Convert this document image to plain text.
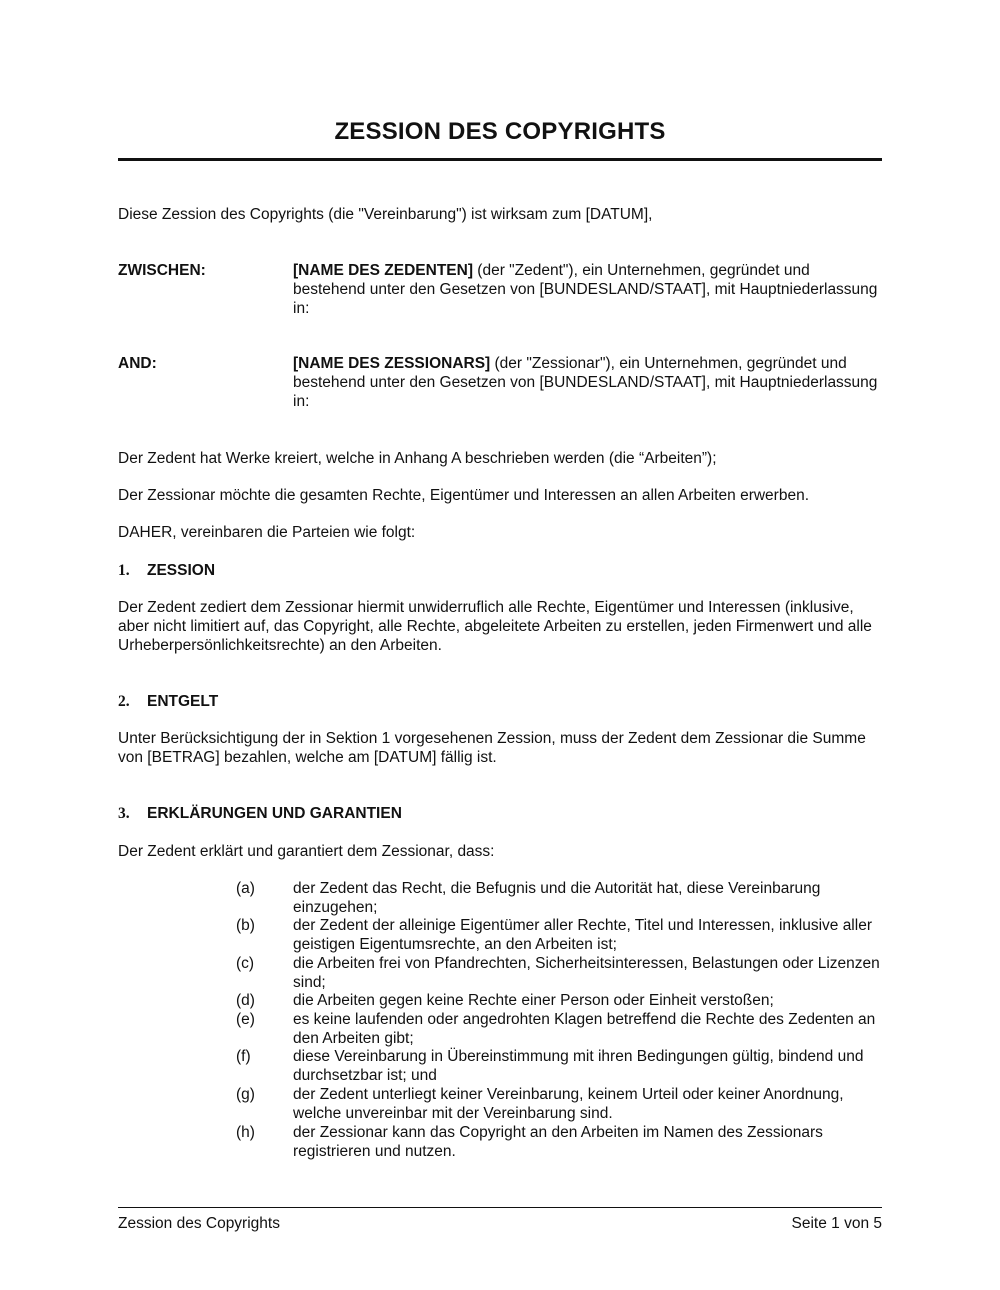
ZESSION DES COPYRIGHTS
Diese Zession des Copyrights (die "Vereinbarung") ist wirksam zum [DATUM],
ZWISCHEN:	[NAME DES ZEDENTEN] (der "Zedent"), ein Unternehmen, gegründet und bestehend unter den Gesetzen von [BUNDESLAND/STAAT], mit Hauptniederlassung in:
AND:	[NAME DES ZESSIONARS] (der "Zessionar"), ein Unternehmen, gegründet und bestehend unter den Gesetzen von [BUNDESLAND/STAAT], mit Hauptniederlassung in:
Der Zedent hat Werke kreiert, welche in Anhang A beschrieben werden (die “Arbeiten”);
Der Zessionar möchte die gesamten Rechte, Eigentümer und Interessen an allen Arbeiten erwerben.
DAHER, vereinbaren die Parteien wie folgt:
1. ZESSION
Der Zedent zediert dem Zessionar hiermit unwiderruflich alle Rechte, Eigentümer und Interessen (inklusive, aber nicht limitiert auf, das Copyright, alle Rechte, abgeleitete Arbeiten zu erstellen, jeden Firmenwert und alle Urheberpersönlichkeitsrechte) an den Arbeiten.
2. ENTGELT
Unter Berücksichtigung der in Sektion 1 vorgesehenen Zession, muss der Zedent dem Zessionar die Summe von [BETRAG] bezahlen, welche am [DATUM] fällig ist.
3. ERKLÄRUNGEN UND GARANTIEN
Der Zedent erklärt und garantiert dem Zessionar, dass:
(a)	der Zedent das Recht, die Befugnis und die Autorität hat, diese Vereinbarung einzugehen;
(b)	der Zedent der alleinige Eigentümer aller Rechte, Titel und Interessen, inklusive aller geistigen Eigentumsrechte, an den Arbeiten ist;
(c)	die Arbeiten frei von Pfandrechten, Sicherheitsinteressen, Belastungen oder Lizenzen sind;
(d)	die Arbeiten gegen keine Rechte einer Person oder Einheit verstoßen;
(e)	es keine laufenden oder angedrohten Klagen betreffend die Rechte des Zedenten an den Arbeiten gibt;
(f)	diese Vereinbarung in Übereinstimmung mit ihren Bedingungen gültig, bindend und durchsetzbar ist; und
(g)	der Zedent unterliegt keiner Vereinbarung, keinem Urteil oder keiner Anordnung, welche unvereinbar mit der Vereinbarung sind.
(h)	der Zessionar kann das Copyright an den Arbeiten im Namen des Zessionars registrieren und nutzen.
Zession des Copyrights	Seite 1 von 5
